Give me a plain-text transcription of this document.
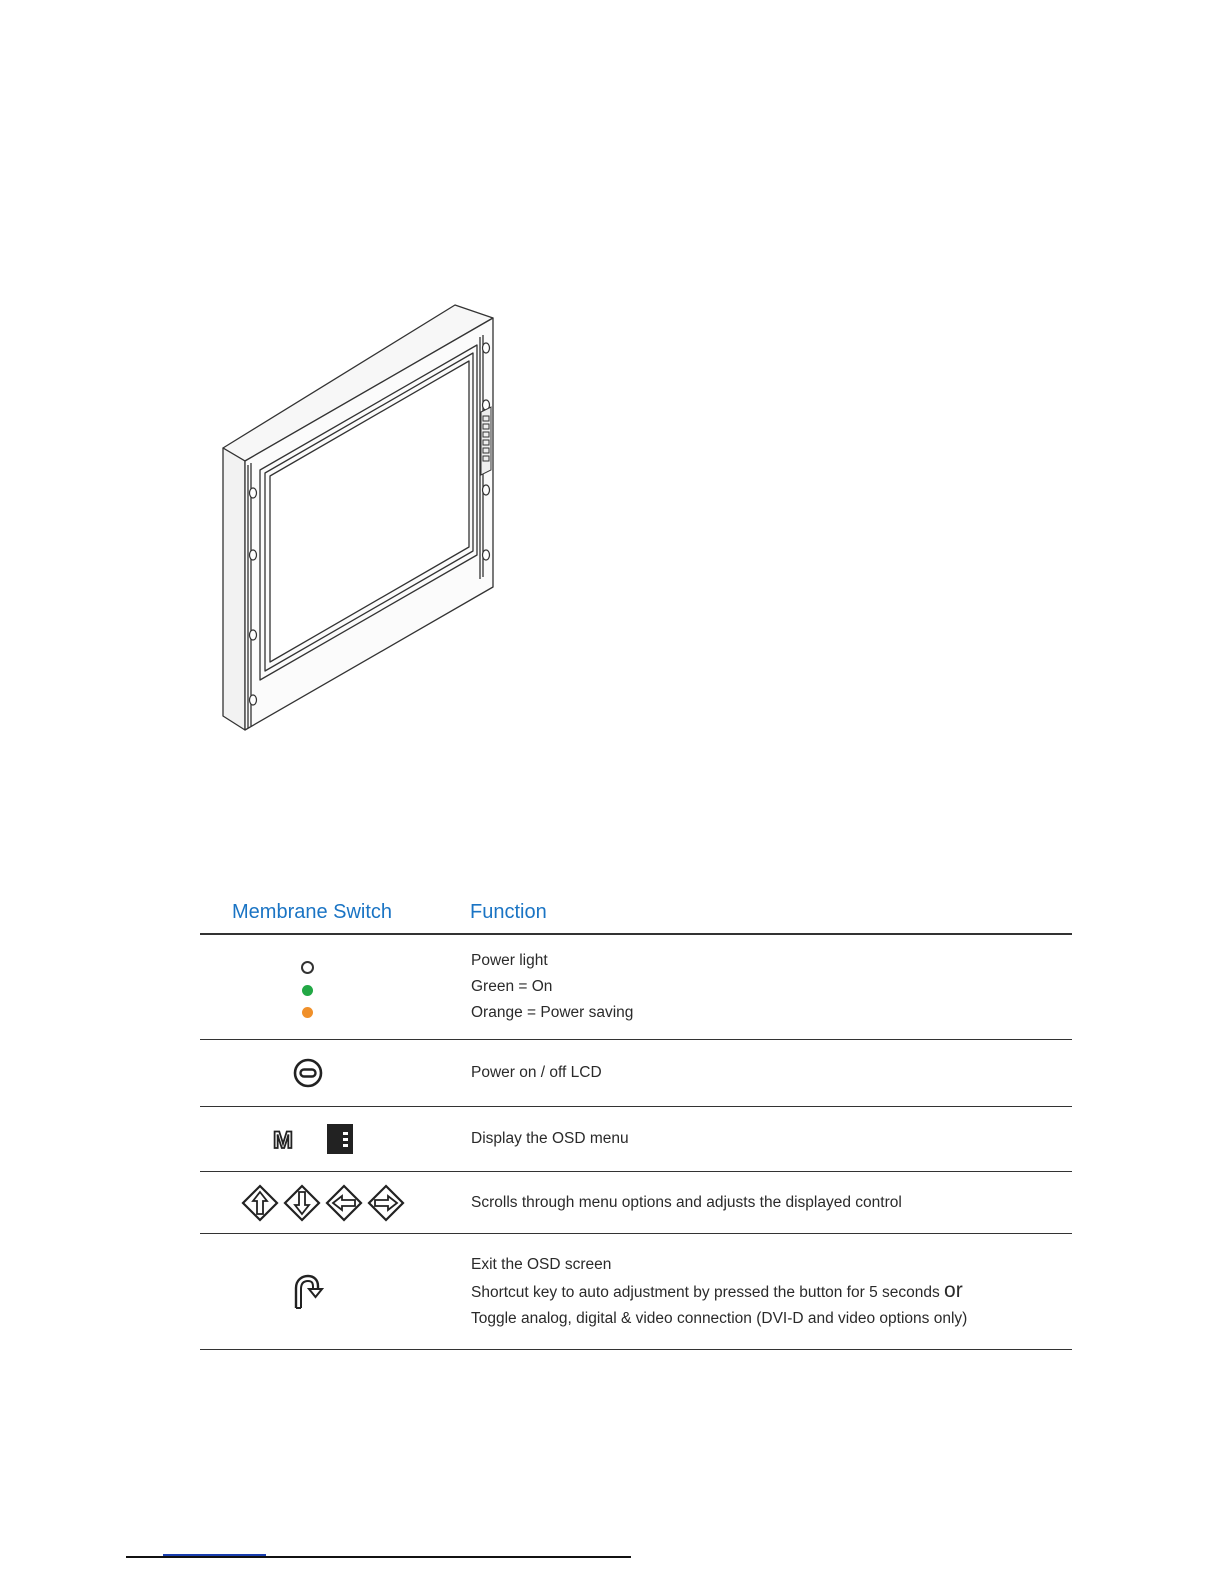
Membrane Switch	Function
Power light
Green = On
Orange = Power saving
Power on / off LCD
M	Display the OSD menu
Scrolls through menu options and adjusts the displayed control
Exit the OSD screen
Shortcut key to auto adjustment by pressed the button for 5 seconds or
Toggle analog, digital & video connection (DVI-D and video options only)
